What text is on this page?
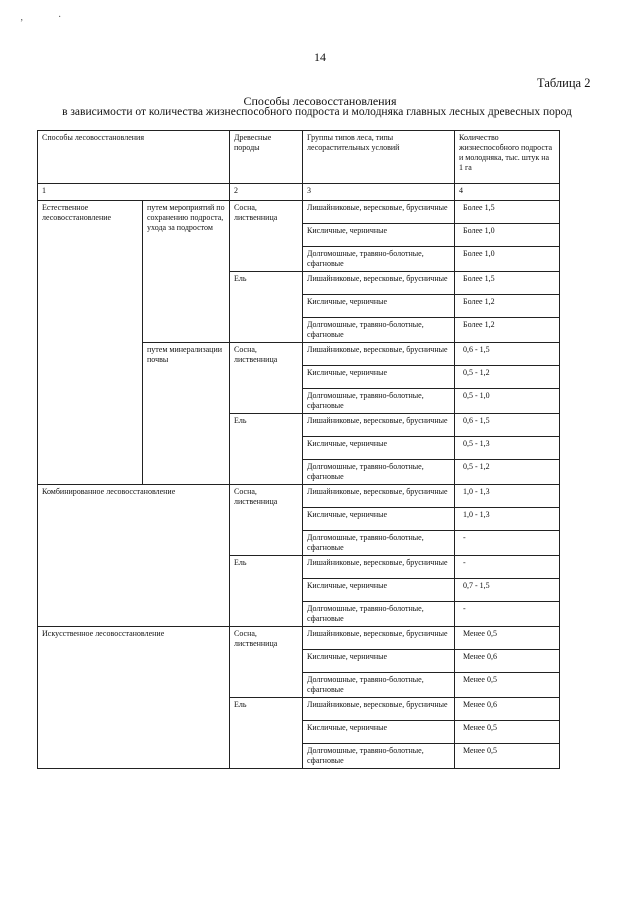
‚	·
14
Таблица 2
Способы лесовосстановления
в зависимости от количества жизнеспособного подроста и молодняка главных лесных древесных пород
Способы лесовосстановления		Древесные породы	Группы типов леса, типы лесорастительных условий	Количество жизнеспособного подроста и молодняка, тыс. штук на 1 га
1		2	3	4
Естественное лесовосстановление	путем мероприятий по сохранению подроста, ухода за подростом	Сосна, лиственница	Лишайниковые, вересковые, брусничные	Более 1,5
			Кисличные, черничные	Более 1,0
			Долгомошные, травяно-болотные, сфагновые	Более 1,0
		Ель	Лишайниковые, вересковые, брусничные	Более 1,5
			Кисличные, черничные	Более 1,2
			Долгомошные, травяно-болотные, сфагновые	Более 1,2
	путем минерализации почвы	Сосна, лиственница	Лишайниковые, вересковые, брусничные	0,6 - 1,5
			Кисличные, черничные	0,5 - 1,2
			Долгомошные, травяно-болотные, сфагновые	0,5 - 1,0
		Ель	Лишайниковые, вересковые, брусничные	0,6 - 1,5
			Кисличные, черничные	0,5 - 1,3
			Долгомошные, травяно-болотные, сфагновые	0,5 - 1,2
Комбинированное лесовосстановление		Сосна, лиственница	Лишайниковые, вересковые, брусничные	1,0 - 1,3
			Кисличные, черничные	1,0 - 1,3
			Долгомошные, травяно-болотные, сфагновые	-
		Ель	Лишайниковые, вересковые, брусничные	-
			Кисличные, черничные	0,7 - 1,5
			Долгомошные, травяно-болотные, сфагновые	-
Искусственное лесовосстановление		Сосна, лиственница	Лишайниковые, вересковые, брусничные	Менее 0,5
			Кисличные, черничные	Менее 0,6
			Долгомошные, травяно-болотные, сфагновые	Менее 0,5
		Ель	Лишайниковые, вересковые, брусничные	Менее 0,6
			Кисличные, черничные	Менее 0,5
			Долгомошные, травяно-болотные, сфагновые	Менее 0,5
